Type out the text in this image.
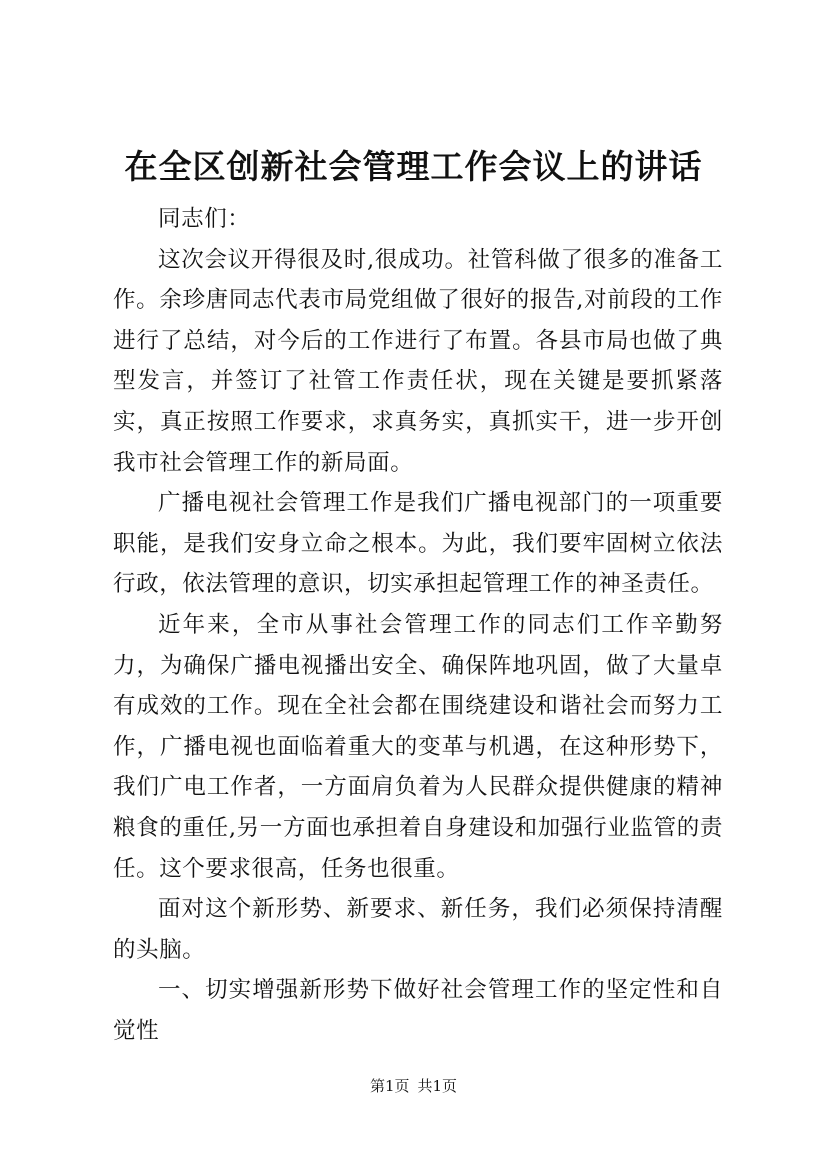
在全区创新社会管理工作会议上的讲话

同志们：

这次会议开得很及时,很成功。社管科做了很多的准备工作。余珍唐同志代表市局党组做了很好的报告,对前段的工作进行了总结，对今后的工作进行了布置。各县市局也做了典型发言，并签订了社管工作责任状，现在关键是要抓紧落实，真正按照工作要求，求真务实，真抓实干，进一步开创我市社会管理工作的新局面。

广播电视社会管理工作是我们广播电视部门的一项重要职能，是我们安身立命之根本。为此，我们要牢固树立依法行政，依法管理的意识，切实承担起管理工作的神圣责任。

近年来，全市从事社会管理工作的同志们工作辛勤努力，为确保广播电视播出安全、确保阵地巩固，做了大量卓有成效的工作。现在全社会都在围绕建设和谐社会而努力工作，广播电视也面临着重大的变革与机遇，在这种形势下，我们广电工作者，一方面肩负着为人民群众提供健康的精神粮食的重任,另一方面也承担着自身建设和加强行业监管的责任。这个要求很高，任务也很重。

面对这个新形势、新要求、新任务，我们必须保持清醒的头脑。

一、切实增强新形势下做好社会管理工作的坚定性和自觉性

第1页 共1页
